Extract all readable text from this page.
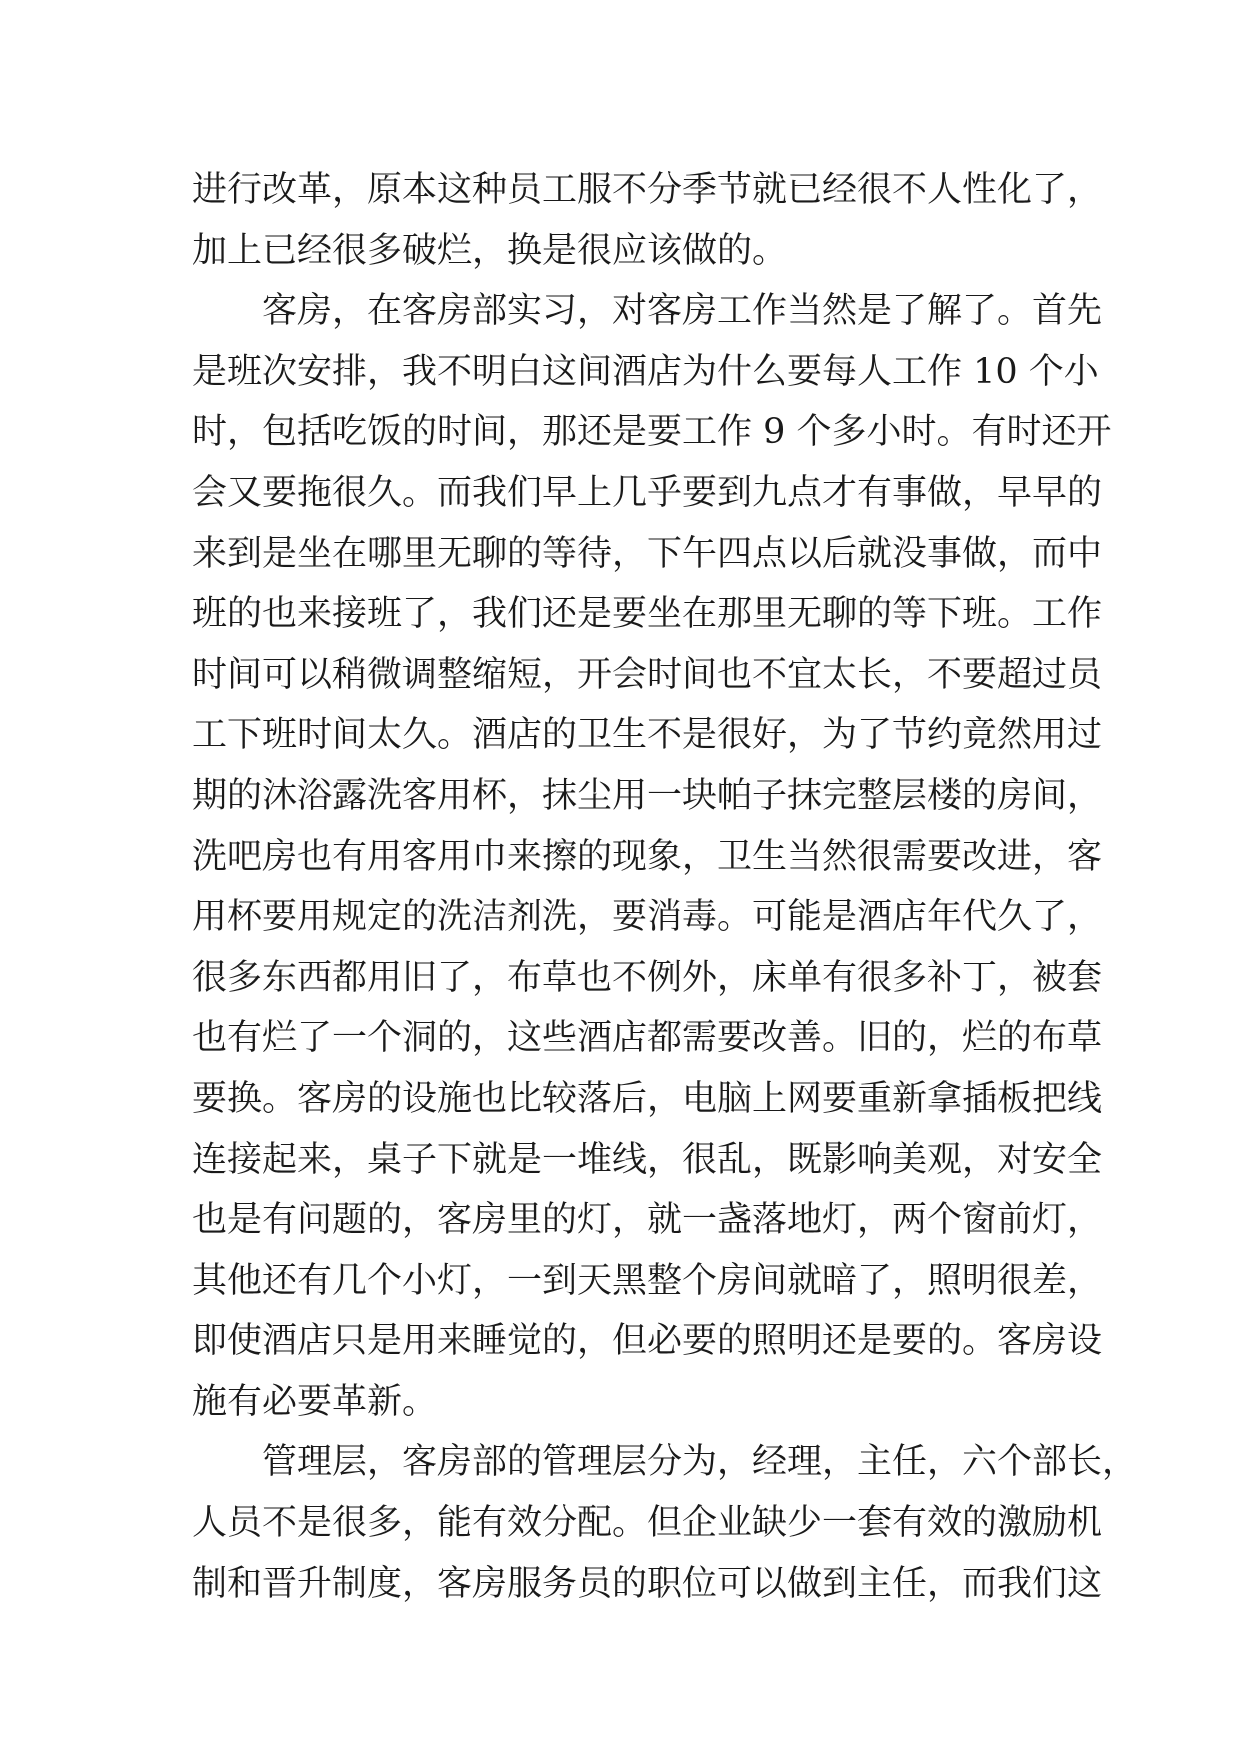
进行改革，原本这种员工服不分季节就已经很不人性化了，
加上已经很多破烂，换是很应该做的。
客房，在客房部实习，对客房工作当然是了解了。首先
是班次安排，我不明白这间酒店为什么要每人工作 10 个小
时，包括吃饭的时间，那还是要工作 9 个多小时。有时还开
会又要拖很久。而我们早上几乎要到九点才有事做，早早的
来到是坐在哪里无聊的等待，下午四点以后就没事做，而中
班的也来接班了，我们还是要坐在那里无聊的等下班。工作
时间可以稍微调整缩短，开会时间也不宜太长，不要超过员
工下班时间太久。酒店的卫生不是很好，为了节约竟然用过
期的沐浴露洗客用杯，抹尘用一块帕子抹完整层楼的房间，
洗吧房也有用客用巾来擦的现象，卫生当然很需要改进，客
用杯要用规定的洗洁剂洗，要消毒。可能是酒店年代久了，
很多东西都用旧了，布草也不例外，床单有很多补丁，被套
也有烂了一个洞的，这些酒店都需要改善。旧的，烂的布草
要换。客房的设施也比较落后，电脑上网要重新拿插板把线
连接起来，桌子下就是一堆线，很乱，既影响美观，对安全
也是有问题的，客房里的灯，就一盏落地灯，两个窗前灯，
其他还有几个小灯，一到天黑整个房间就暗了，照明很差，
即使酒店只是用来睡觉的，但必要的照明还是要的。客房设
施有必要革新。
管理层，客房部的管理层分为，经理，主任，六个部长，
人员不是很多，能有效分配。但企业缺少一套有效的激励机
制和晋升制度，客房服务员的职位可以做到主任，而我们这
